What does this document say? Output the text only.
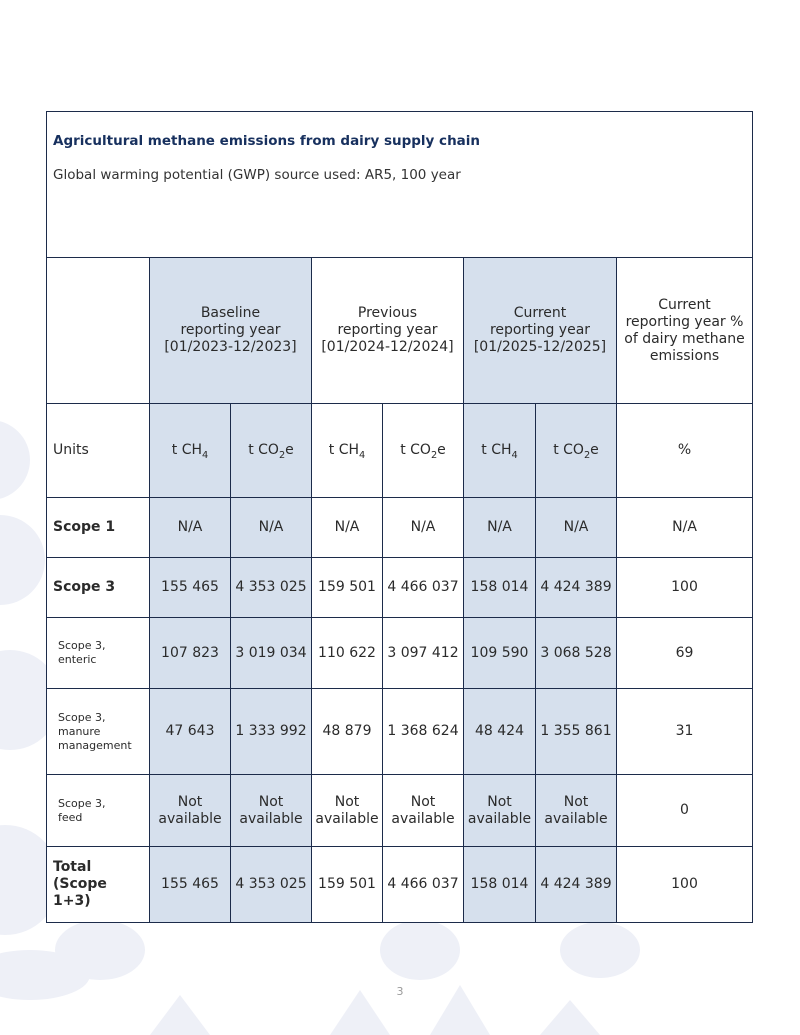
Agricultural methane emissions from dairy supply chain
Global warming potential (GWP) source used: AR5, 100 year							

	Baseline
reporting year
[01/2023-12/2023]		Previous
reporting year
[01/2024-12/2024]		Current
reporting year
[01/2025-12/2025]		Current
reporting year %
of dairy methane
emissions
Units	t $CH_4$	t $CO_2e$	t $CH_4$	t $CO_2e$	t $CH_4$	t $CO_2e$	%
Scope 1	N/A	N/A	N/A	N/A	N/A	N/A	N/A
Scope 3	155 465	4 353 025	159 501	4 466 037	158 014	4 424 389	100
Scope 3,
enteric	107 823	3 019 034	110 622	3 097 412	109 590	3 068 528	69
Scope 3,
manure
management	47 643	1 333 992	48 879	1 368 624	48 424	1 355 861	31
Scope 3,
feed	Not
available	Not
available	Not
available	Not
available	Not
available	Not
available	0
Total
(Scope 1+3)	155 465	4 353 025	159 501	4 466 037	158 014	4 424 389	100
3
